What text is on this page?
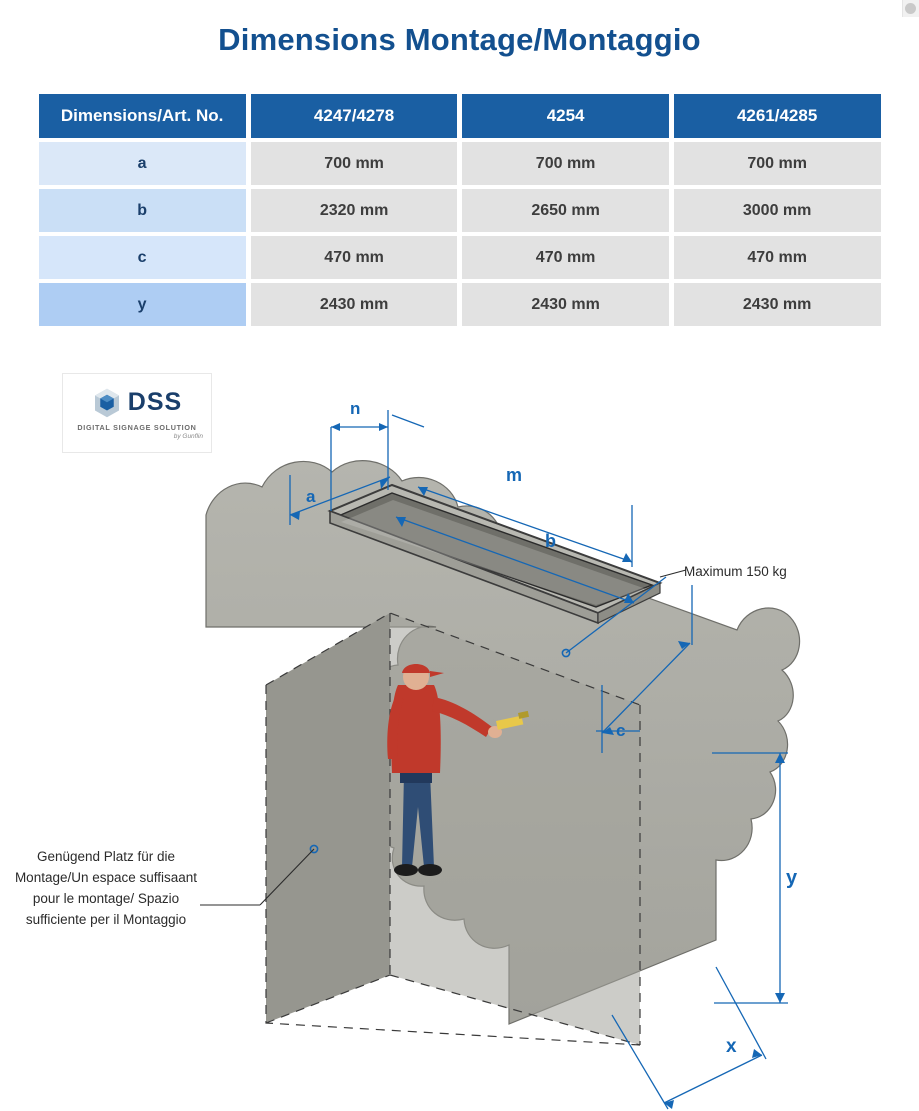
Dimensions Montage/Montaggio
Dimensions/Art. No.	4247/4278	4254	4261/4285
a	700 mm	700 mm	700 mm
b	2320 mm	2650 mm	3000 mm
c	470 mm	470 mm	470 mm
y	2430 mm	2430 mm	2430 mm
DSS
DIGITAL SIGNAGE SOLUTION
by Gunflin
Maximum 150 kg
Genügend Platz für die Montage/Un espace suffisaant pour le montage/ Spazio sufficiente per il Montaggio
n
a
m
b
c
y
x
